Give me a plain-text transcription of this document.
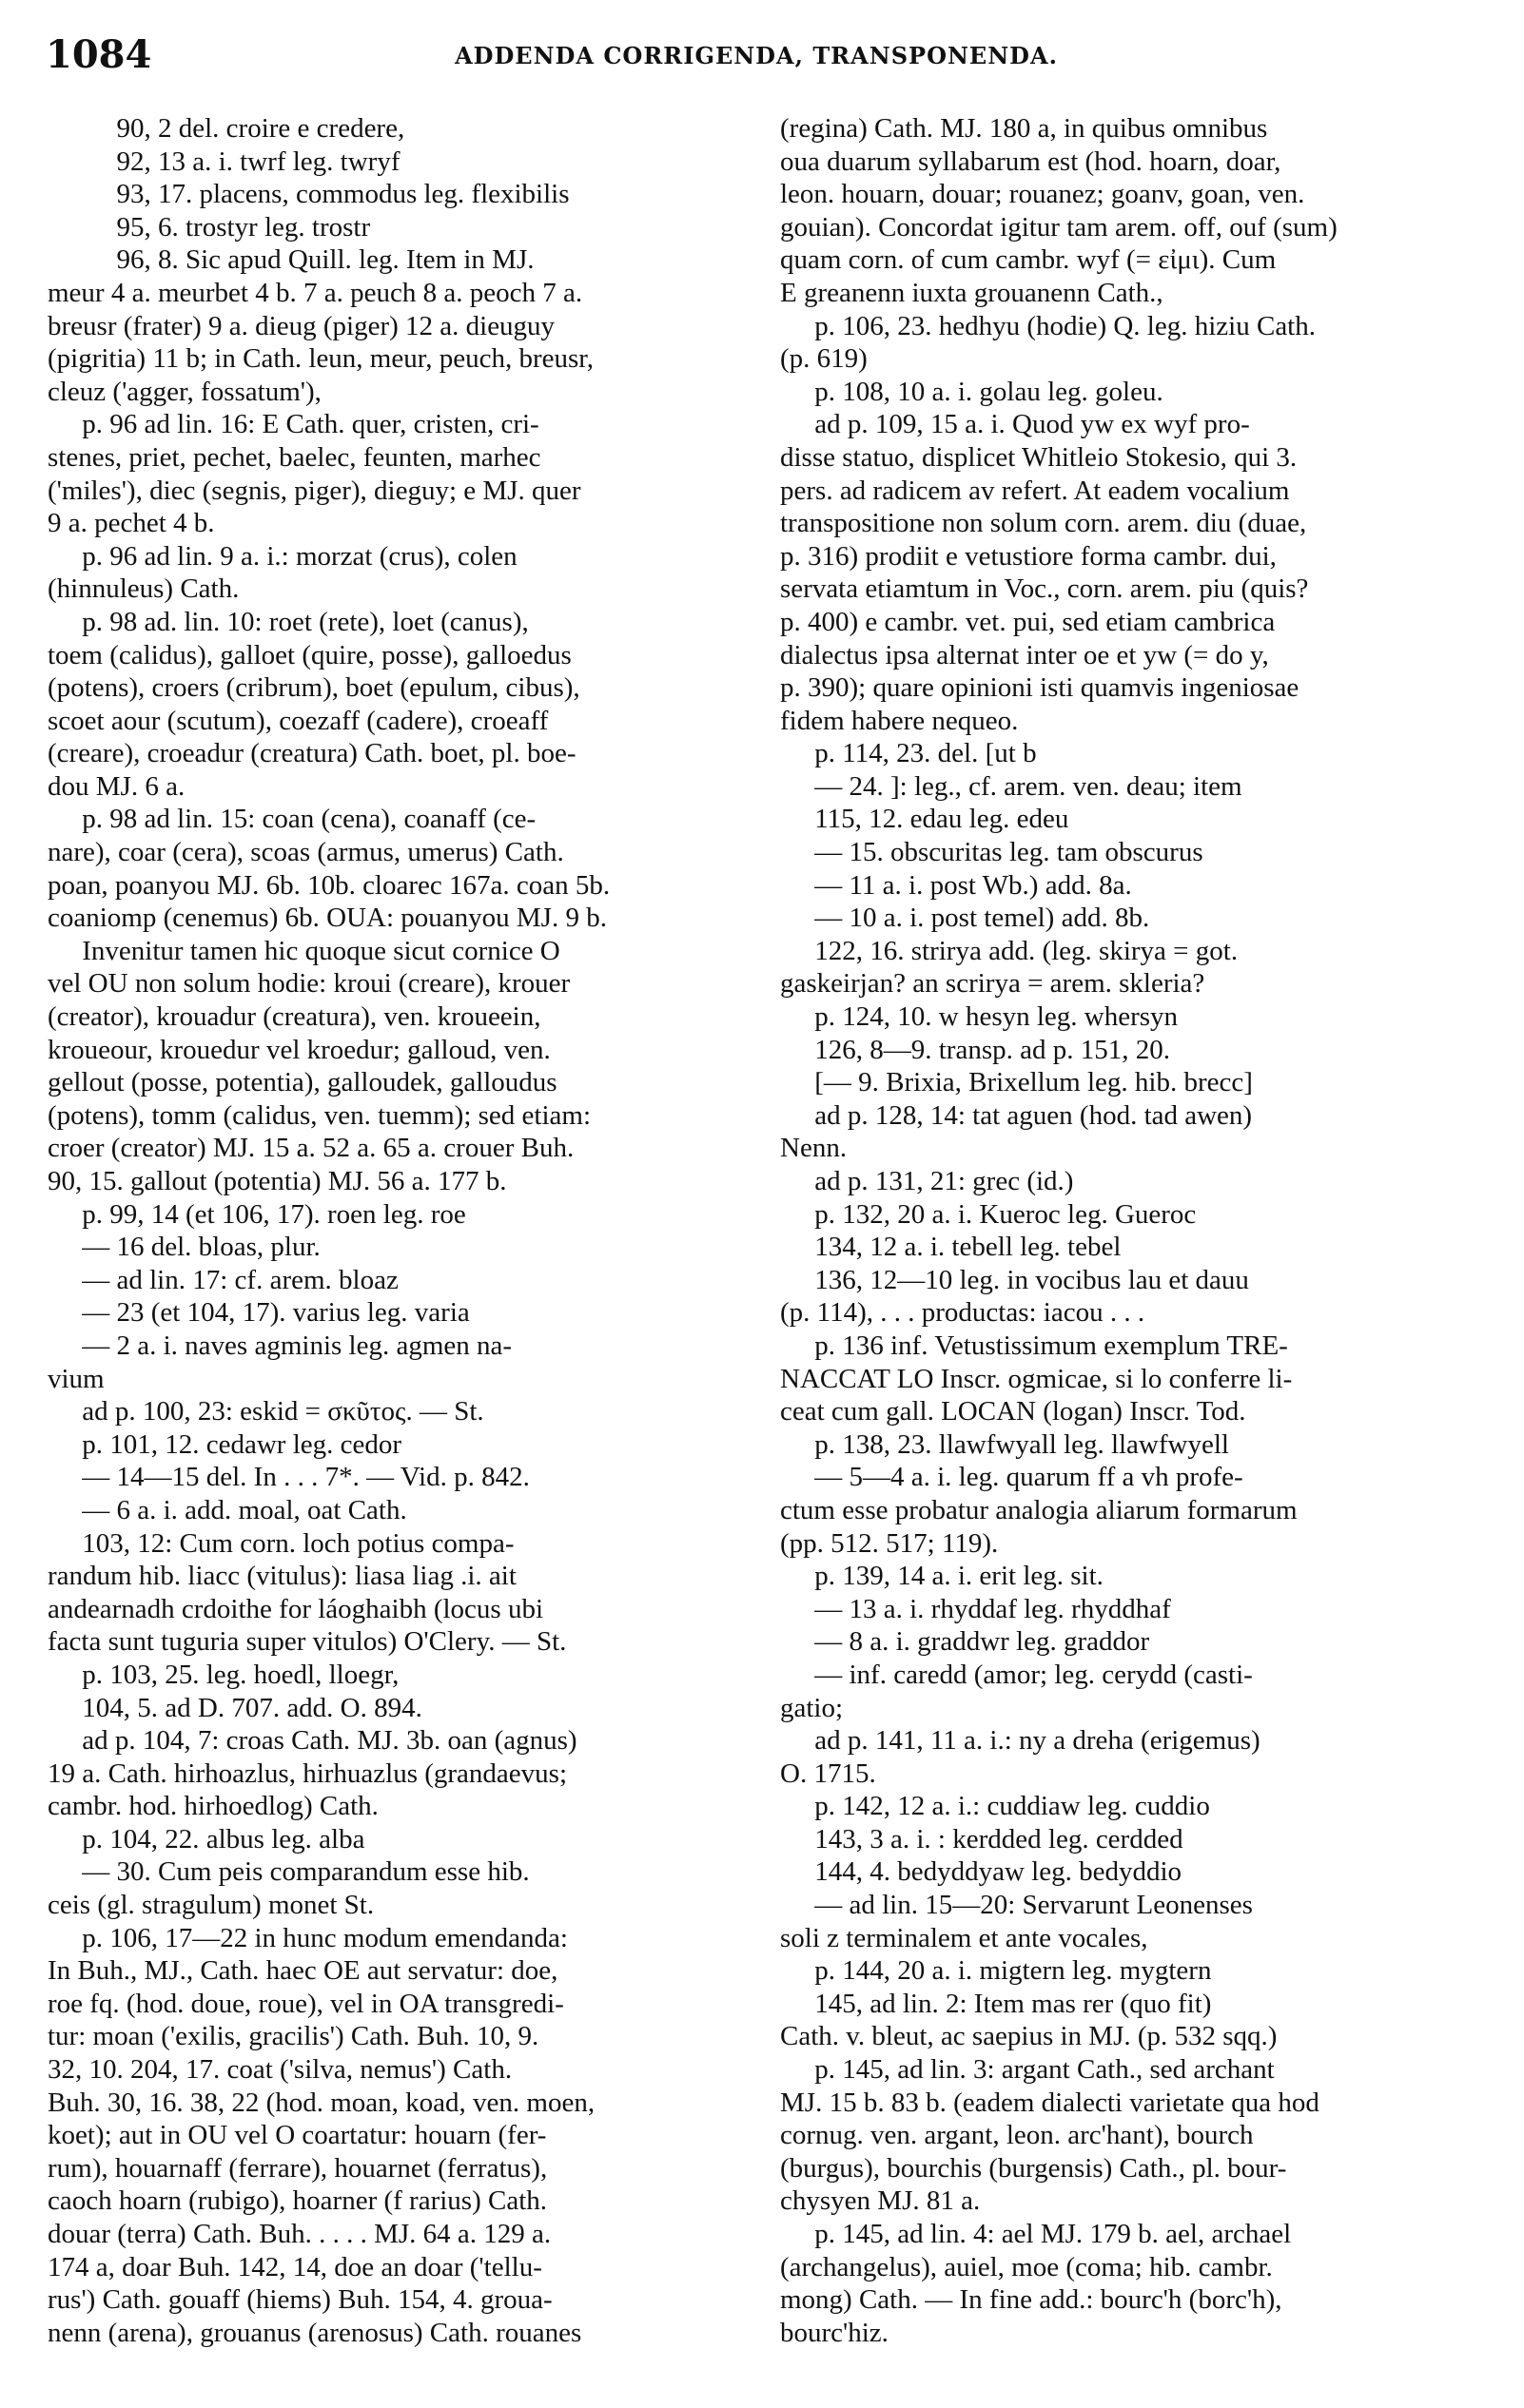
1084	ADDENDA CORRIGENDA, TRANSPONENDA.
90, 2 del. croire e credere,
92, 13 a. i. twrf leg. twryf
93, 17. placens, commodus leg. flexibilis
95, 6. trostyr leg. trostr
96, 8. Sic apud Quill. leg. Item in MJ.
meur 4 a. meurbet 4 b. 7 a. peuch 8 a. peoch 7 a.
breusr (frater) 9 a. dieug (piger) 12 a. dieuguy
(pigritia) 11 b; in Cath. leun, meur, peuch, breusr,
cleuz ('agger, fossatum'),
p. 96 ad lin. 16: E Cath. quer, cristen, cri-
stenes, priet, pechet, baelec, feunten, marhec
('miles'), diec (segnis, piger), dieguy; e MJ. quer
9 a. pechet 4 b.
p. 96 ad lin. 9 a. i.: morzat (crus), colen
(hinnuleus) Cath.
p. 98 ad. lin. 10: roet (rete), loet (canus),
toem (calidus), galloet (quire, posse), galloedus
(potens), croers (cribrum), boet (epulum, cibus),
scoet aour (scutum), coezaff (cadere), croeaff
(creare), croeadur (creatura) Cath. boet, pl. boe-
dou MJ. 6 a.
p. 98 ad lin. 15: coan (cena), coanaff (ce-
nare), coar (cera), scoas (armus, umerus) Cath.
poan, poanyou MJ. 6b. 10b. cloarec 167a. coan 5b.
coaniomp (cenemus) 6b. OUA: pouanyou MJ. 9 b.
Invenitur tamen hic quoque sicut cornice O
vel OU non solum hodie: kroui (creare), krouer
(creator), krouadur (creatura), ven. kroueein,
kroueour, krouedur vel kroedur; galloud, ven.
gellout (posse, potentia), galloudek, galloudus
(potens), tomm (calidus, ven. tuemm); sed etiam:
croer (creator) MJ. 15 a. 52 a. 65 a. crouer Buh.
90, 15. gallout (potentia) MJ. 56 a. 177 b.
p. 99, 14 (et 106, 17). roen leg. roe
— 16 del. bloas, plur.
— ad lin. 17: cf. arem. bloaz
— 23 (et 104, 17). varius leg. varia
— 2 a. i. naves agminis leg. agmen na-
vium
ad p. 100, 23: eskid = σκῦτος. — St.
p. 101, 12. cedawr leg. cedor
— 14—15 del. In . . . 7*. — Vid. p. 842.
— 6 a. i. add. moal, oat Cath.
103, 12: Cum corn. loch potius compa-
randum hib. liacc (vitulus): liasa liag .i. ait
andearnadh crdoithe for láoghaibh (locus ubi
facta sunt tuguria super vitulos) O'Clery. — St.
p. 103, 25. leg. hoedl, lloegr,
104, 5. ad D. 707. add. O. 894.
ad p. 104, 7: croas Cath. MJ. 3b. oan (agnus)
19 a. Cath. hirhoazlus, hirhuazlus (grandaevus;
cambr. hod. hirhoedlog) Cath.
p. 104, 22. albus leg. alba
— 30. Cum peis comparandum esse hib.
ceis (gl. stragulum) monet St.
p. 106, 17—22 in hunc modum emendanda:
In Buh., MJ., Cath. haec OE aut servatur: doe,
roe fq. (hod. doue, roue), vel in OA transgredi-
tur: moan ('exilis, gracilis') Cath. Buh. 10, 9.
32, 10. 204, 17. coat ('silva, nemus') Cath.
Buh. 30, 16. 38, 22 (hod. moan, koad, ven. moen,
koet); aut in OU vel O coartatur: houarn (fer-
rum), houarnaff (ferrare), houarnet (ferratus),
caoch hoarn (rubigo), hoarner (f rarius) Cath.
douar (terra) Cath. Buh. . . . . MJ. 64 a. 129 a.
174 a, doar Buh. 142, 14, doe an doar ('tellu-
rus') Cath. gouaff (hiems) Buh. 154, 4. groua-
nenn (arena), grouanus (arenosus) Cath. rouanes
(regina) Cath. MJ. 180 a, in quibus omnibus
oua duarum syllabarum est (hod. hoarn, doar,
leon. houarn, douar; rouanez; goanv, goan, ven.
gouian). Concordat igitur tam arem. off, ouf (sum)
quam corn. of cum cambr. wyf (= εἰμι). Cum
E greanenn iuxta grouanenn Cath.,
p. 106, 23. hedhyu (hodie) Q. leg. hiziu Cath.
(p. 619)
p. 108, 10 a. i. golau leg. goleu.
ad p. 109, 15 a. i. Quod yw ex wyf pro-
disse statuo, displicet Whitleio Stokesio, qui 3.
pers. ad radicem av refert. At eadem vocalium
transpositione non solum corn. arem. diu (duae,
p. 316) prodiit e vetustiore forma cambr. dui,
servata etiamtum in Voc., corn. arem. piu (quis?
p. 400) e cambr. vet. pui, sed etiam cambrica
dialectus ipsa alternat inter oe et yw (= do y,
p. 390); quare opinioni isti quamvis ingeniosae
fidem habere nequeo.
p. 114, 23. del. [ut b
— 24. ]: leg., cf. arem. ven. deau; item
115, 12. edau leg. edeu
— 15. obscuritas leg. tam obscurus
— 11 a. i. post Wb.) add. 8a.
— 10 a. i. post temel) add. 8b.
122, 16. strirya add. (leg. skirya = got.
gaskeirjan? an scrirya = arem. skleria?
p. 124, 10. w hesyn leg. whersyn
126, 8—9. transp. ad p. 151, 20.
[— 9. Brixia, Brixellum leg. hib. brecc]
ad p. 128, 14: tat aguen (hod. tad awen)
Nenn.
ad p. 131, 21: grec (id.)
p. 132, 20 a. i. Kueroc leg. Gueroc
134, 12 a. i. tebell leg. tebel
136, 12—10 leg. in vocibus lau et dauu
(p. 114), . . . productas: iacou . . .
p. 136 inf. Vetustissimum exemplum TRE-
NACCAT LO Inscr. ogmicae, si lo conferre li-
ceat cum gall. LOCAN (logan) Inscr. Tod.
p. 138, 23. llawfwyall leg. llawfwyell
— 5—4 a. i. leg. quarum ff a vh profe-
ctum esse probatur analogia aliarum formarum
(pp. 512. 517; 119).
p. 139, 14 a. i. erit leg. sit.
— 13 a. i. rhyddaf leg. rhyddhaf
— 8 a. i. graddwr leg. graddor
— inf. caredd (amor; leg. cerydd (casti-
gatio;
ad p. 141, 11 a. i.: ny a dreha (erigemus)
O. 1715.
p. 142, 12 a. i.: cuddiaw leg. cuddio
143, 3 a. i. : kerdded leg. cerdded
144, 4. bedyddyaw leg. bedyddio
— ad lin. 15—20: Servarunt Leonenses
soli z terminalem et ante vocales,
p. 144, 20 a. i. migtern leg. mygtern
145, ad lin. 2: Item mas rer (quo fit)
Cath. v. bleut, ac saepius in MJ. (p. 532 sqq.)
p. 145, ad lin. 3: argant Cath., sed archant
MJ. 15 b. 83 b. (eadem dialecti varietate qua hod
cornug. ven. argant, leon. arc'hant), bourch
(burgus), bourchis (burgensis) Cath., pl. bour-
chysyen MJ. 81 a.
p. 145, ad lin. 4: ael MJ. 179 b. ael, archael
(archangelus), auiel, moe (coma; hib. cambr.
mong) Cath. — In fine add.: bourc'h (borc'h),
bourc'hiz.
